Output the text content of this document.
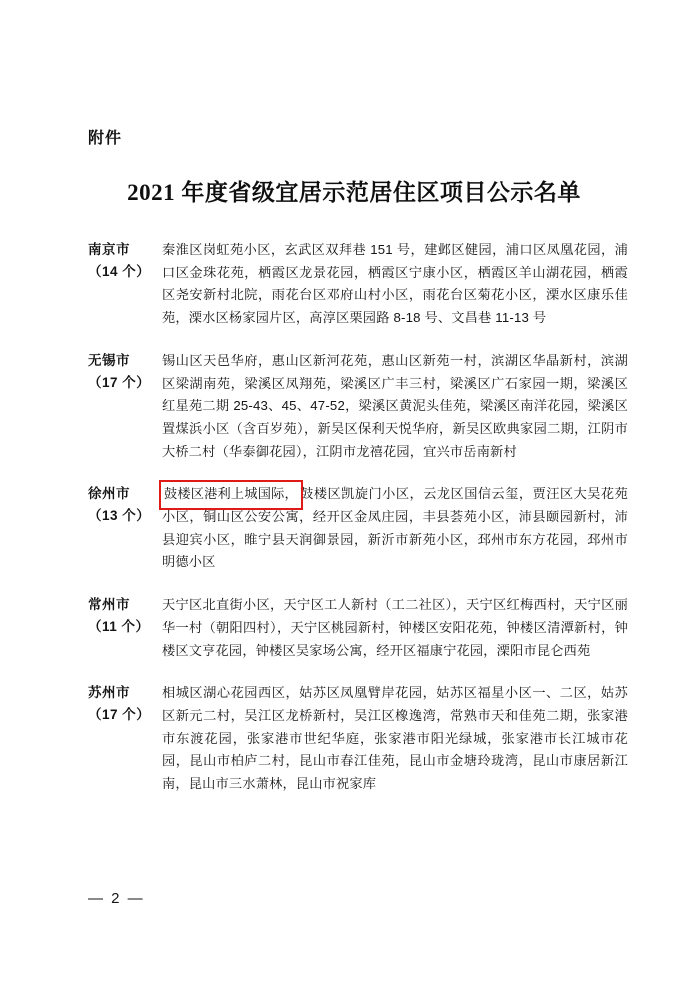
附件
2021 年度省级宜居示范居住区项目公示名单
南京市
（14 个）	秦淮区岗虹苑小区，玄武区双拜巷 151 号，建邺区健园，浦口区凤凰花园，浦口区金珠花苑，栖霞区龙景花园，栖霞区宁康小区，栖霞区羊山湖花园，栖霞区尧安新村北院，雨花台区邓府山村小区，雨花台区菊花小区，溧水区康乐佳苑，溧水区杨家园片区，高淳区栗园路 8-18 号、文昌巷 11-13 号

无锡市
（17 个）	锡山区天邑华府，惠山区新河花苑，惠山区新苑一村，滨湖区华晶新村，滨湖区梁湖南苑，梁溪区凤翔苑，梁溪区广丰三村，梁溪区广石家园一期，梁溪区红星苑二期 25-43、45、47-52，梁溪区黄泥头佳苑，梁溪区南洋花园，梁溪区置煤浜小区（含百岁苑），新吴区保利天悦华府，新吴区欧典家园二期，江阴市大桥二村（华泰御花园），江阴市龙禧花园，宜兴市岳南新村

徐州市
（13 个）	鼓楼区港利上城国际， 鼓楼区凯旋门小区，云龙区国信云玺，贾汪区大吴花苑小区，铜山区公安公寓，经开区金凤庄园，丰县荟苑小区，沛县颐园新村，沛县迎宾小区，睢宁县天润御景园，新沂市新苑小区，邳州市东方花园，邳州市明德小区

常州市
（11 个）	天宁区北直街小区，天宁区工人新村（工二社区），天宁区红梅西村，天宁区丽华一村（朝阳四村），天宁区桃园新村，钟楼区安阳花苑，钟楼区清潭新村，钟楼区文亨花园，钟楼区吴家场公寓，经开区福康宁花园，溧阳市昆仑西苑

苏州市
（17 个）	相城区湖心花园西区，姑苏区凤凰臂岸花园，姑苏区福星小区一、二区，姑苏区新元二村，吴江区龙桥新村，吴江区橡逸湾，常熟市天和佳苑二期，张家港市东渡花园，张家港市世纪华庭，张家港市阳光绿城，张家港市长江城市花园，昆山市柏庐二村，昆山市春江佳苑，昆山市金塘玲珑湾，昆山市康居新江南，昆山市三水萧林，昆山市祝家库
— 2 —
